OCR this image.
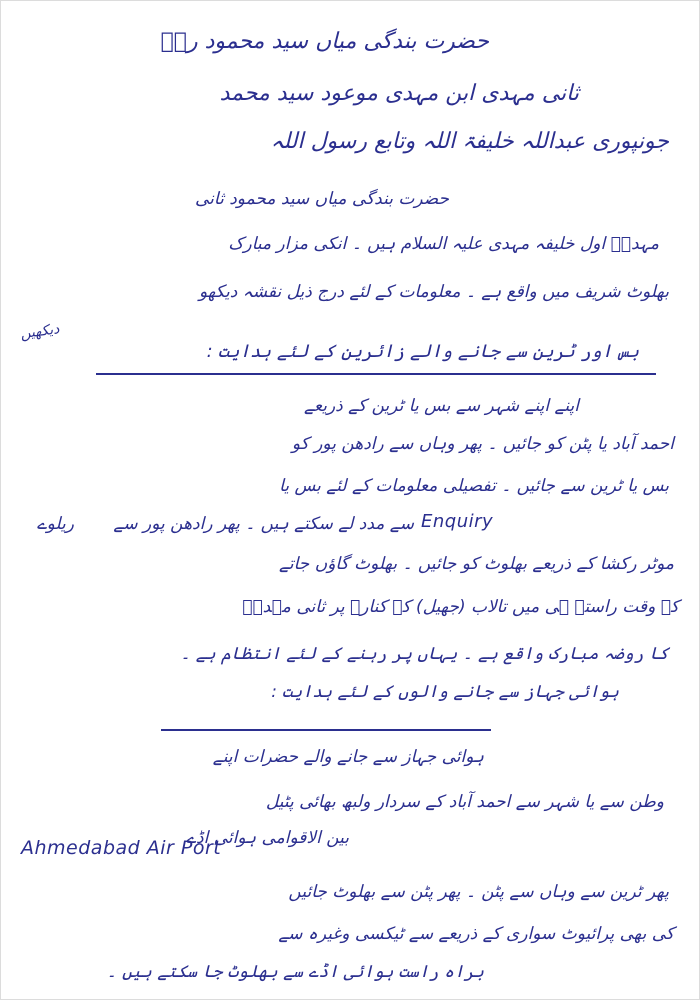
حضرت بندگی میاں سید محمود رضؓ
ثانی مہدی ابن مہدی موعود سید محمد
جونپوری عبداللہ خلیفۃ اللہ وتابع رسول اللہ
حضرت بندگی میاں سید محمود ثانی
مہدیؑ اول خلیفہ مہدی علیہ السلام ہیں ۔ انکی مزار مبارک
بھلوٹ شریف میں واقع ہے ۔ معلومات کے لئے درج ذیل نقشہ دیکھو
دیکھیں
بس اور ٹرین سے جانے والے زائرین کے لئے ہدایت :
اپنے اپنے شہر سے بس یا ٹرین کے ذریعے
احمد آباد یا پٹن کو جائیں ۔ پھر وہاں سے رادھن پور کو
بس یا ٹرین سے جائیں ۔ تفصیلی معلومات کے لئے بس یا
ریلوے	Enquiry
سے مدد لے سکتے ہیں ۔ پھر رادھن پور سے
موٹر رکشا کے ذریعے بھلوٹ کو جائیں ۔ بھلوٹ گاؤں جاتے
کے وقت راستے ہی میں تالاب (جھیل) کے کنارے پر ثانی مہدیؑ
کا روضہ مبارک واقع ہے ۔ یہاں پر رہنے کے لئے انتظام ہے ۔
ہوائی جہاز سے جانے والوں کے لئے ہدایت :
ہوائی جہاز سے جانے والے حضرات اپنے
وطن سے یا شہر سے احمد آباد کے سردار ولبھ بھائی پٹیل
بین الاقوامی ہوائی اڈے
Ahmedabad Air Port
پھر ٹرین سے وہاں سے پٹن ۔ پھر پٹن سے بھلوٹ جائیں
کی بھی پرائیوٹ سواری کے ذریعے سے ٹیکسی وغیرہ سے
براہ راست ہوائی اڈے سے بھلوٹ جا سکتے ہیں ۔
